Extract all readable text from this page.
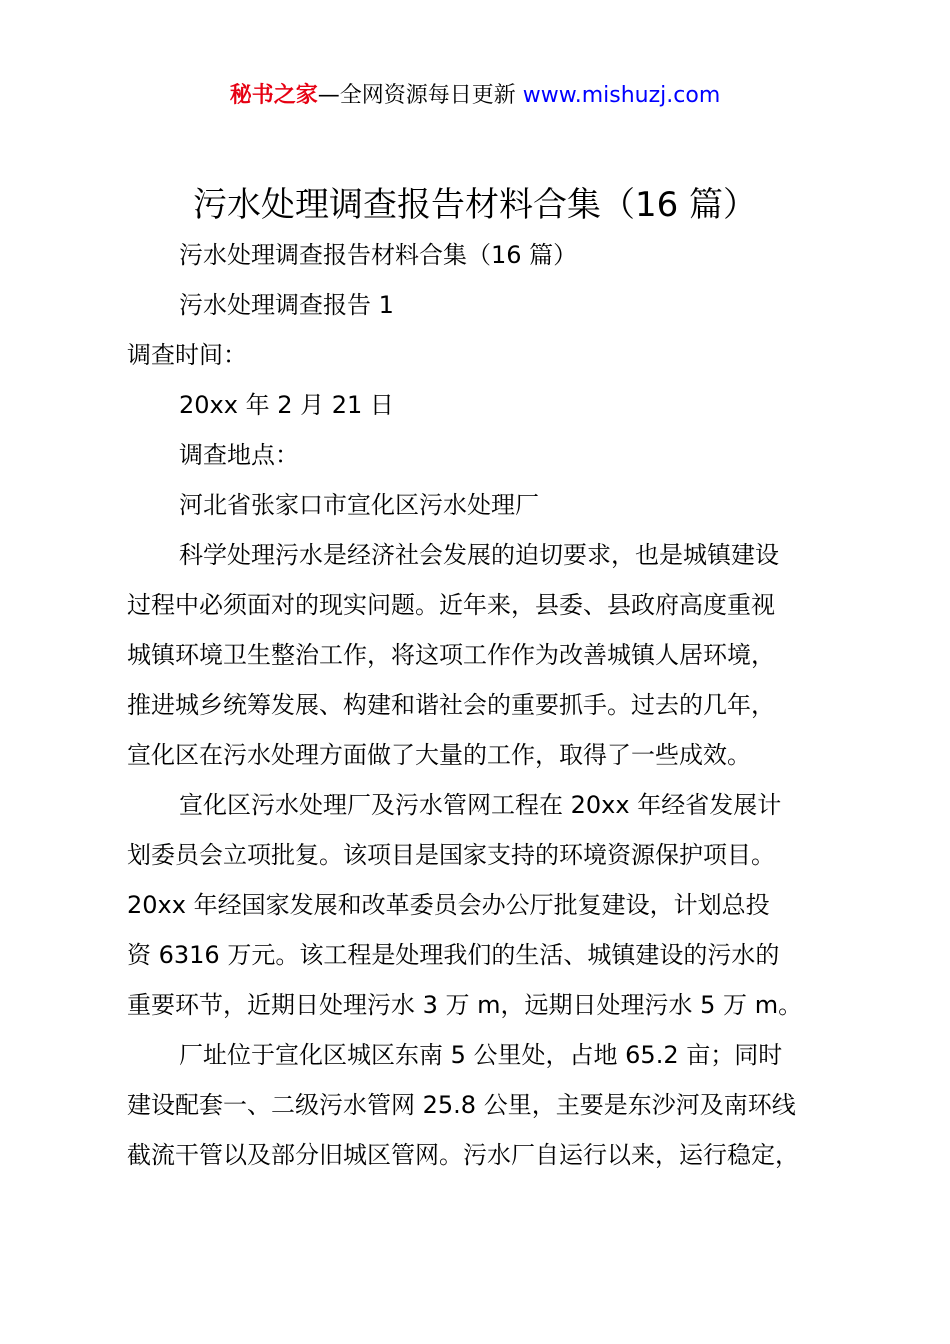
秘书之家—全网资源每日更新 www.mishuzj.com
污水处理调查报告材料合集（16 篇）
污水处理调查报告材料合集（16 篇）
污水处理调查报告 1
调查时间：
20xx 年 2 月 21 日
调查地点：
河北省张家口市宣化区污水处理厂
科学处理污水是经济社会发展的迫切要求，也是城镇建设
过程中必须面对的现实问题。近年来，县委、县政府高度重视
城镇环境卫生整治工作，将这项工作作为改善城镇人居环境，
推进城乡统筹发展、构建和谐社会的重要抓手。过去的几年，
宣化区在污水处理方面做了大量的工作，取得了一些成效。
宣化区污水处理厂及污水管网工程在 20xx 年经省发展计
划委员会立项批复。该项目是国家支持的环境资源保护项目。
20xx 年经国家发展和改革委员会办公厅批复建设，计划总投
资 6316 万元。该工程是处理我们的生活、城镇建设的污水的
重要环节，近期日处理污水 3 万 m，远期日处理污水 5 万 m。
厂址位于宣化区城区东南 5 公里处，占地 65.2 亩；同时
建设配套一、二级污水管网 25.8 公里，主要是东沙河及南环线
截流干管以及部分旧城区管网。污水厂自运行以来，运行稳定，
